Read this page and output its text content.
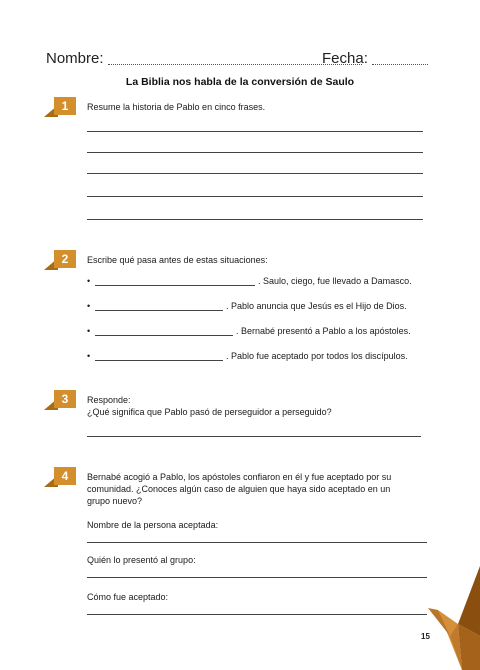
Nombre:	Fecha:
La Biblia nos habla de la conversión de Saulo
1	Resume la historia de Pablo en cinco frases.
2	Escribe qué pasa antes de estas situaciones:
•	. Saulo, ciego, fue llevado a Damasco.
•	. Pablo anuncia que Jesús es el Hijo de Dios.
•	. Bernabé presentó a Pablo a los apóstoles.
•	. Pablo fue aceptado por todos los discípulos.
3	Responde:
¿Qué significa que Pablo pasó de perseguidor a perseguido?
4	Bernabé acogió a Pablo, los apóstoles confiaron en él y fue aceptado por su
comunidad. ¿Conoces algún caso de alguien que haya sido aceptado en un
grupo nuevo?
Nombre de la persona aceptada:
Quién lo presentó al grupo:
Cómo fue aceptado:
15
